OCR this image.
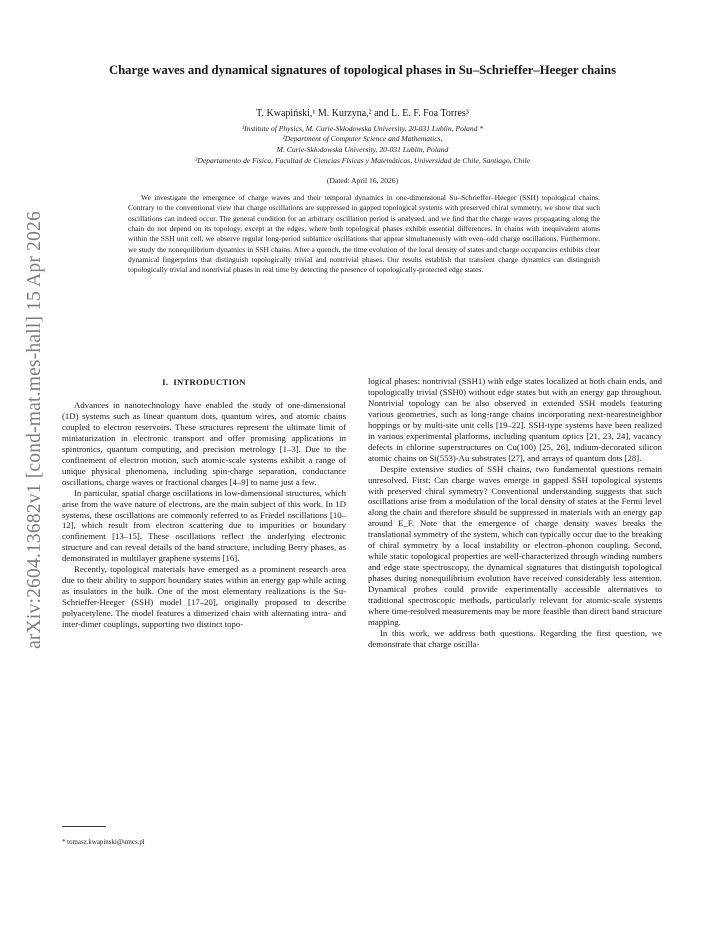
arXiv:2604.13682v1 [cond-mat.mes-hall] 15 Apr 2026
Charge waves and dynamical signatures of topological phases in Su–Schrieffer–Heeger chains

T. Kwapiński,¹ M. Kurzyna,² and L. E. F. Foa Torres³

¹Institute of Physics, M. Curie-Skłodowska University, 20-031 Lublin, Poland *

²Department of Computer Science and Mathematics,

M. Curie-Skłodowska University, 20-031 Lublin, Poland

³Departamento de Física, Facultad de Ciencias Físicas y Matemáticas, Universidad de Chile, Santiago, Chile

(Dated: April 16, 2026)

We investigate the emergence of charge waves and their temporal dynamics in one-dimensional Su–Schrieffer–Heeger (SSH) topological chains. Contrary to the conventional view that charge oscillations are suppressed in gapped topological systems with preserved chiral symmetry, we show that such oscillations can indeed occur. The general condition for an arbitrary oscillation period is analysed, and we find that the charge waves propagating along the chain do not depend on its topology, except at the edges, where both topological phases exhibit essential differences. In chains with inequivalent atoms within the SSH unit cell, we observe regular long-period sublattice oscillations that appear simultaneously with even–odd charge oscillations. Furthermore, we study the nonequilibrium dynamics in SSH chains. After a quench, the time evolution of the local density of states and charge occupancies exhibits clear dynamical fingerprints that distinguish topologically trivial and nontrivial phases. Our results establish that transient charge dynamics can distinguish topologically trivial and nontrivial phases in real time by detecting the presence of topologically-protected edge states.

I. INTRODUCTION

Advances in nanotechnology have enabled the study of one-dimensional (1D) systems such as linear quantum dots, quantum wires, and atomic chains coupled to electron reservoirs. These structures represent the ultimate limit of miniaturization in electronic transport and offer promising applications in spintronics, quantum computing, and precision metrology [1–3]. Due to the confinement of electron motion, such atomic-scale systems exhibit a range of unique physical phenomena, including spin-charge separation, conductance oscillations, charge waves or fractional charges [4–9] to name just a few.

In particular, spatial charge oscillations in low-dimensional structures, which arise from the wave nature of electrons, are the main subject of this work. In 1D systems, these oscillations are commonly referred to as Friedel oscillations [10–12], which result from electron scattering due to impurities or boundary confinement [13–15]. These oscillations reflect the underlying electronic structure and can reveal details of the band structure, including Berry phases, as demonstrated in multilayer graphene systems [16].

Recently, topological materials have emerged as a prominent research area due to their ability to support boundary states within an energy gap while acting as insulators in the bulk. One of the most elementary realizations is the Su-Schrieffer-Heeger (SSH) model [17–20], originally proposed to describe polyacetylene. The model features a dimerized chain with alternating intra- and inter-dimer couplings, supporting two distinct topo-

logical phases: nontrivial (SSH1) with edge states localized at both chain ends, and topologically trivial (SSH0) without edge states but with an energy gap throughout. Nontrivial topology can be also observed in extended SSH models featuring various geometries, such as long-range chains incorporating next-nearestneighbor hoppings or by multi-site unit cells [19–22]. SSH-type systems have been realized in various experimental platforms, including quantum optics [21, 23, 24], vacancy defects in chlorine superstructures on Cu(100) [25, 26], indium-decorated silicon atomic chains on Si(553)-Au substrates [27], and arrays of quantum dots [28].

Despite extensive studies of SSH chains, two fundamental questions remain unresolved. First: Can charge waves emerge in gapped SSH topological systems with preserved chiral symmetry? Conventional understanding suggests that such oscillations arise from a modulation of the local density of states at the Fermi level along the chain and therefore should be suppressed in materials with an energy gap around E_F. Note that the emergence of charge density waves breaks the translational symmetry of the system, which can typically occur due to the breaking of chiral symmetry by a local instability or electron–phonon coupling. Second, while static topological properties are well-characterized through winding numbers and edge state spectroscopy, the dynamical signatures that distinguish topological phases during nonequilibrium evolution have received considerably less attention. Dynamical probes could provide experimentally accessible alternatives to traditional spectroscopic methods, particularly relevant for atomic-scale systems where time-resolved measurements may be more feasible than direct band structure mapping.

In this work, we address both questions. Regarding the first question, we demonstrate that charge oscilla-

* tomasz.kwapinski@umcs.pl
